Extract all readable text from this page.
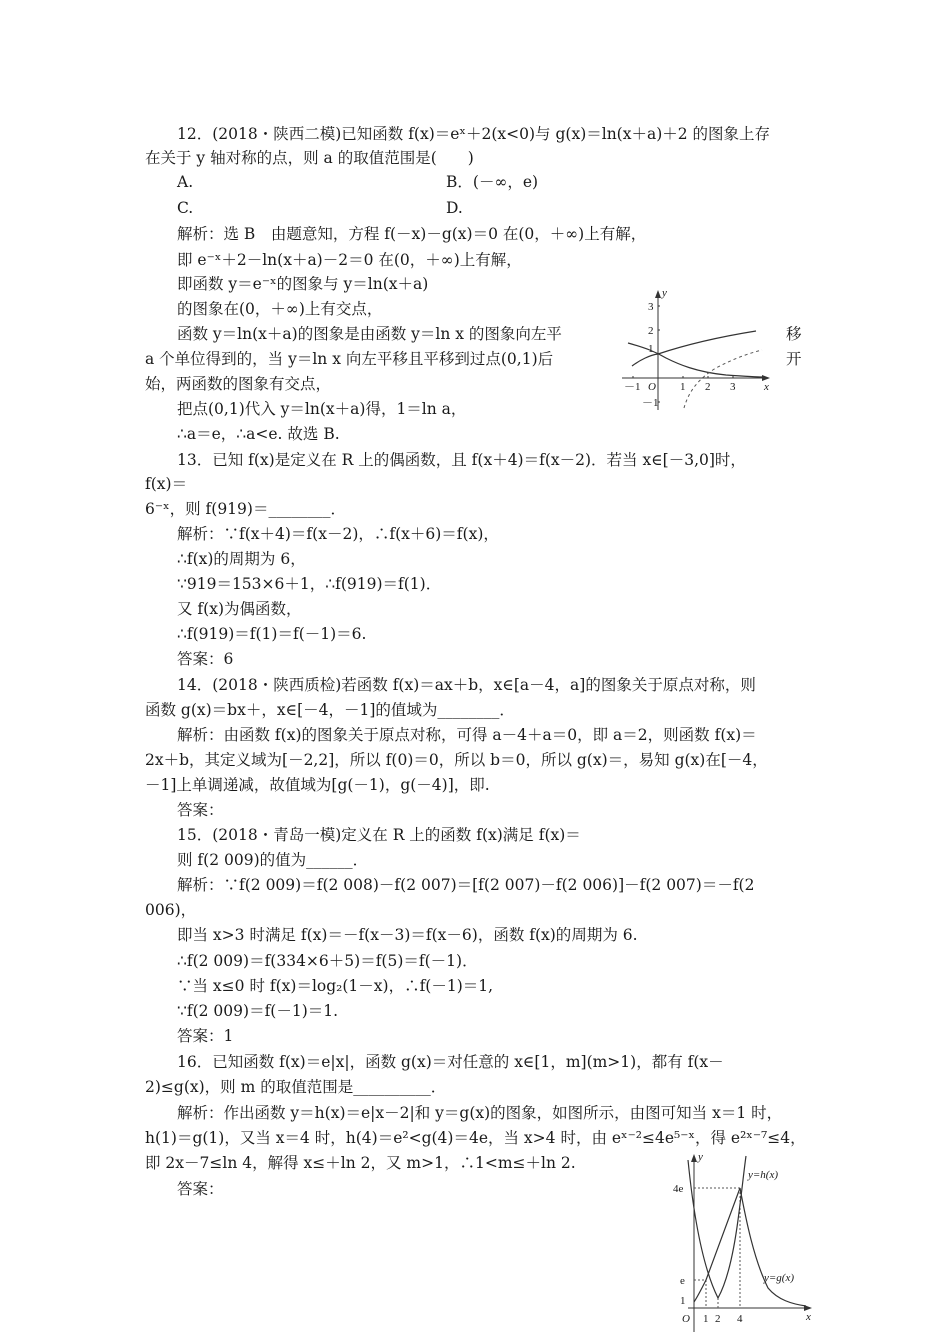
12．(2018・陕西二模)已知函数 f(x)＝eˣ＋2(x<0)与 g(x)＝ln(x＋a)＋2 的图象上存
在关于 y 轴对称的点，则 a 的取值范围是(　　)
A.	B．(－∞，e)
C.	D.
解析：选 B　由题意知，方程 f(－x)－g(x)＝0 在(0，＋∞)上有解，
即 e⁻ˣ＋2－ln(x＋a)－2＝0 在(0，＋∞)上有解，
即函数 y＝e⁻ˣ的图象与 y＝ln(x＋a)
的图象在(0，＋∞)上有交点，
函数 y＝ln(x＋a)的图象是由函数 y＝ln x 的图象向左平	移
a 个单位得到的，当 y＝ln x 向左平移且平移到过点(0,1)后	开
始，两函数的图象有交点，
把点(0,1)代入 y＝ln(x＋a)得，1＝ln a，
∴a＝e，∴a<e. 故选 B.
13．已知 f(x)是定义在 R 上的偶函数，且 f(x＋4)＝f(x－2)．若当 x∈[－3,0]时，
f(x)＝
6⁻ˣ，则 f(919)＝________．
解析：∵f(x＋4)＝f(x－2)，∴f(x＋6)＝f(x)，
∴f(x)的周期为 6，
∵919＝153×6＋1，∴f(919)＝f(1)．
又 f(x)为偶函数，
∴f(919)＝f(1)＝f(－1)＝6.
答案：6
14．(2018・陕西质检)若函数 f(x)＝ax＋b，x∈[a－4，a]的图象关于原点对称，则
函数 g(x)＝bx＋，x∈[－4，－1]的值域为________．
解析：由函数 f(x)的图象关于原点对称，可得 a－4＋a＝0，即 a＝2，则函数 f(x)＝
2x＋b，其定义域为[－2,2]，所以 f(0)＝0，所以 b＝0，所以 g(x)＝，易知 g(x)在[－4，
－1]上单调递减，故值域为[g(－1)，g(－4)]，即.
答案：
15．(2018・青岛一模)定义在 R 上的函数 f(x)满足 f(x)＝
则 f(2 009)的值为______．
解析：∵f(2 009)＝f(2 008)－f(2 007)＝[f(2 007)－f(2 006)]－f(2 007)＝－f(2
006)，
即当 x>3 时满足 f(x)＝－f(x－3)＝f(x－6)，函数 f(x)的周期为 6.
∴f(2 009)＝f(334×6＋5)＝f(5)＝f(－1)．
∵当 x≤0 时 f(x)＝log₂(1－x)，∴f(－1)＝1,
∵f(2 009)＝f(－1)＝1.
答案：1
16．已知函数 f(x)＝e|x|，函数 g(x)＝对任意的 x∈[1，m](m>1)，都有 f(x－
2)≤g(x)，则 m 的取值范围是__________．
解析：作出函数 y＝h(x)＝e|x－2|和 y＝g(x)的图象，如图所示，由图可知当 x＝1 时，
h(1)＝g(1)，又当 x＝4 时，h(4)＝e²<g(4)＝4e，当 x>4 时，由 eˣ⁻²≤4e⁵⁻ˣ，得 e²ˣ⁻⁷≤4，
即 2x－7≤ln 4，解得 x≤＋ln 2，又 m>1，∴1<m≤＋ln 2.
答案：
y
x
O
－1	1 2 3
3
2
1
－1
y
x
O 1 2 4
4e
e
1
y=h(x)
y=g(x)
